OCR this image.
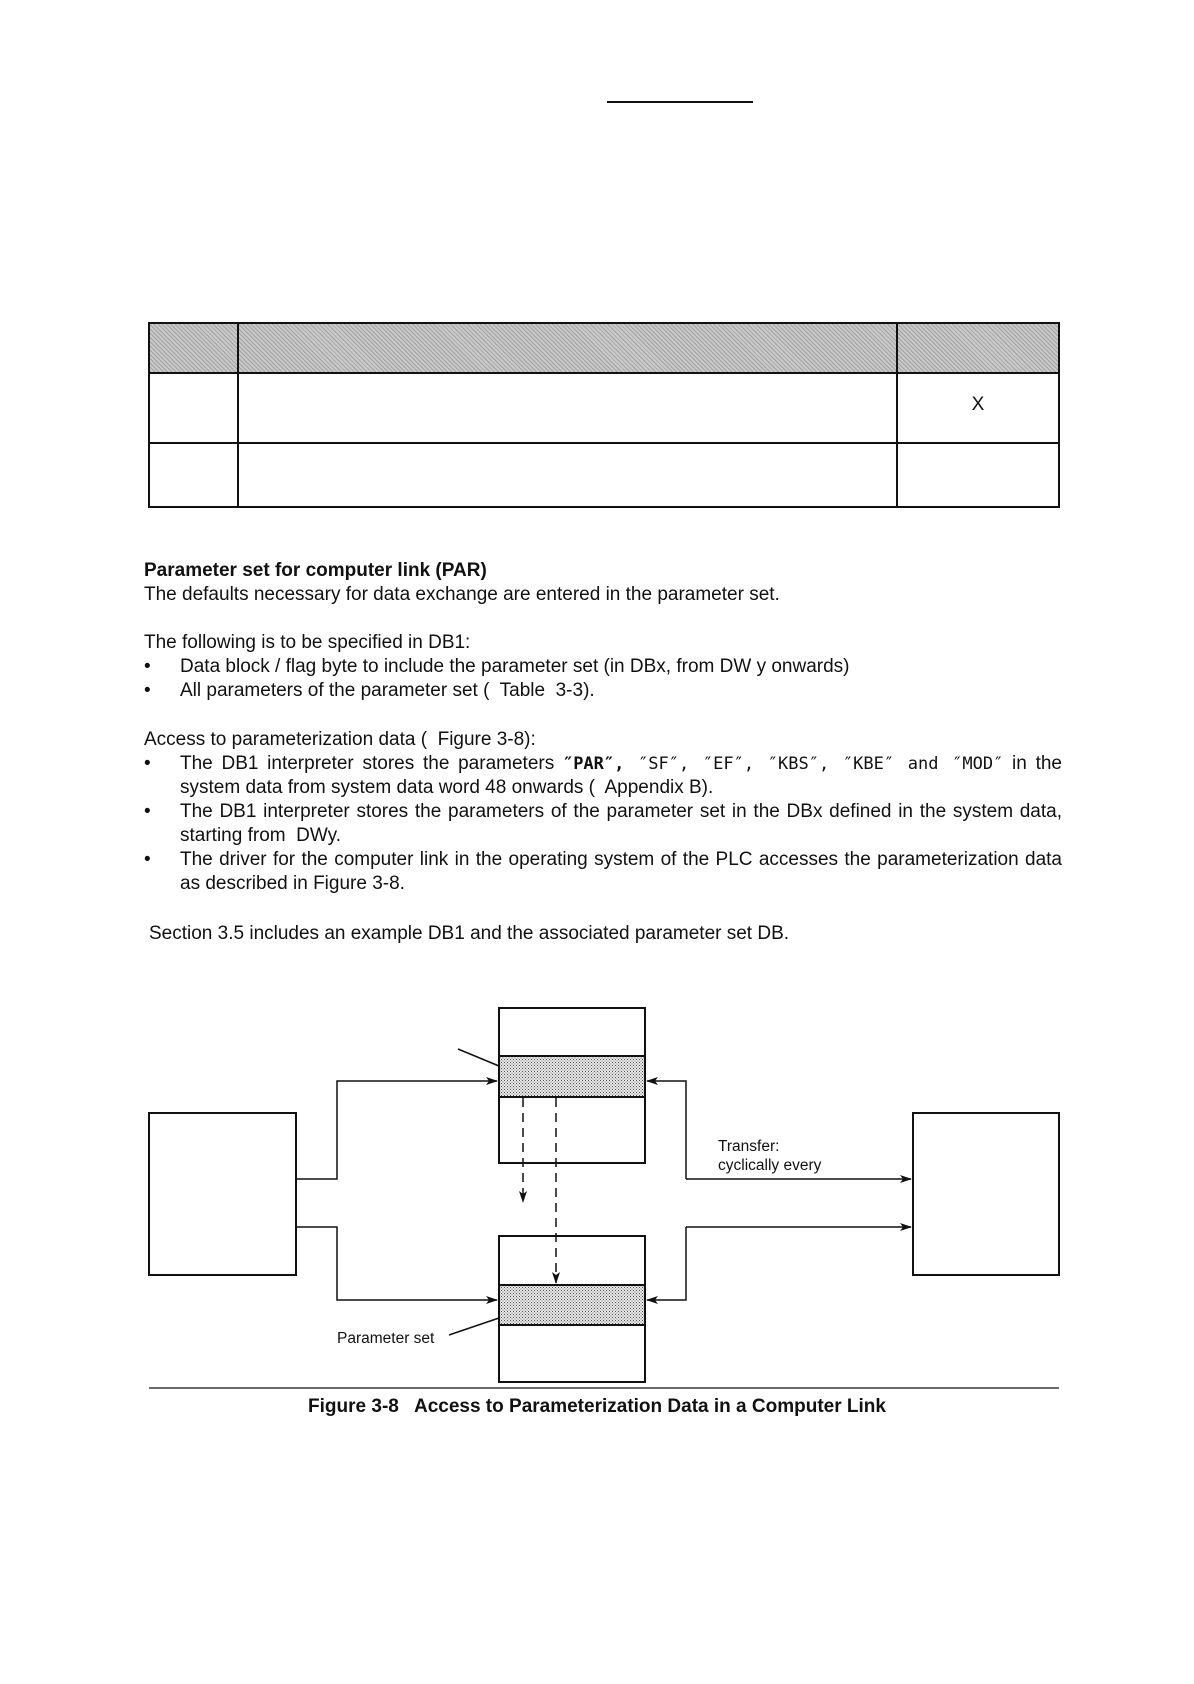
		X

Parameter set for computer link (PAR)
The defaults necessary for data exchange are entered in the parameter set.
The following is to be specified in DB1:
• Data block / flag byte to include the parameter set (in DBx, from DW y onwards)
• All parameters of the parameter set (  Table  3-3).
Access to parameterization data (  Figure 3-8):
• The DB1 interpreter stores the parameters ″PAR″, ″SF″, ″EF″, ″KBS″, ″KBE″ and ″MOD″ in the system data from system data word 48 onwards (  Appendix B).
• The DB1 interpreter stores the parameters of the parameter set in the DBx defined in the system data, starting from  DWy.
• The driver for the computer link in the operating system of the PLC accesses the parameterization data as described in Figure 3-8.
Section 3.5 includes an example DB1 and the associated parameter set DB.
Transfer:
cyclically every
Parameter set
Figure 3-8   Access to Parameterization Data in a Computer Link
